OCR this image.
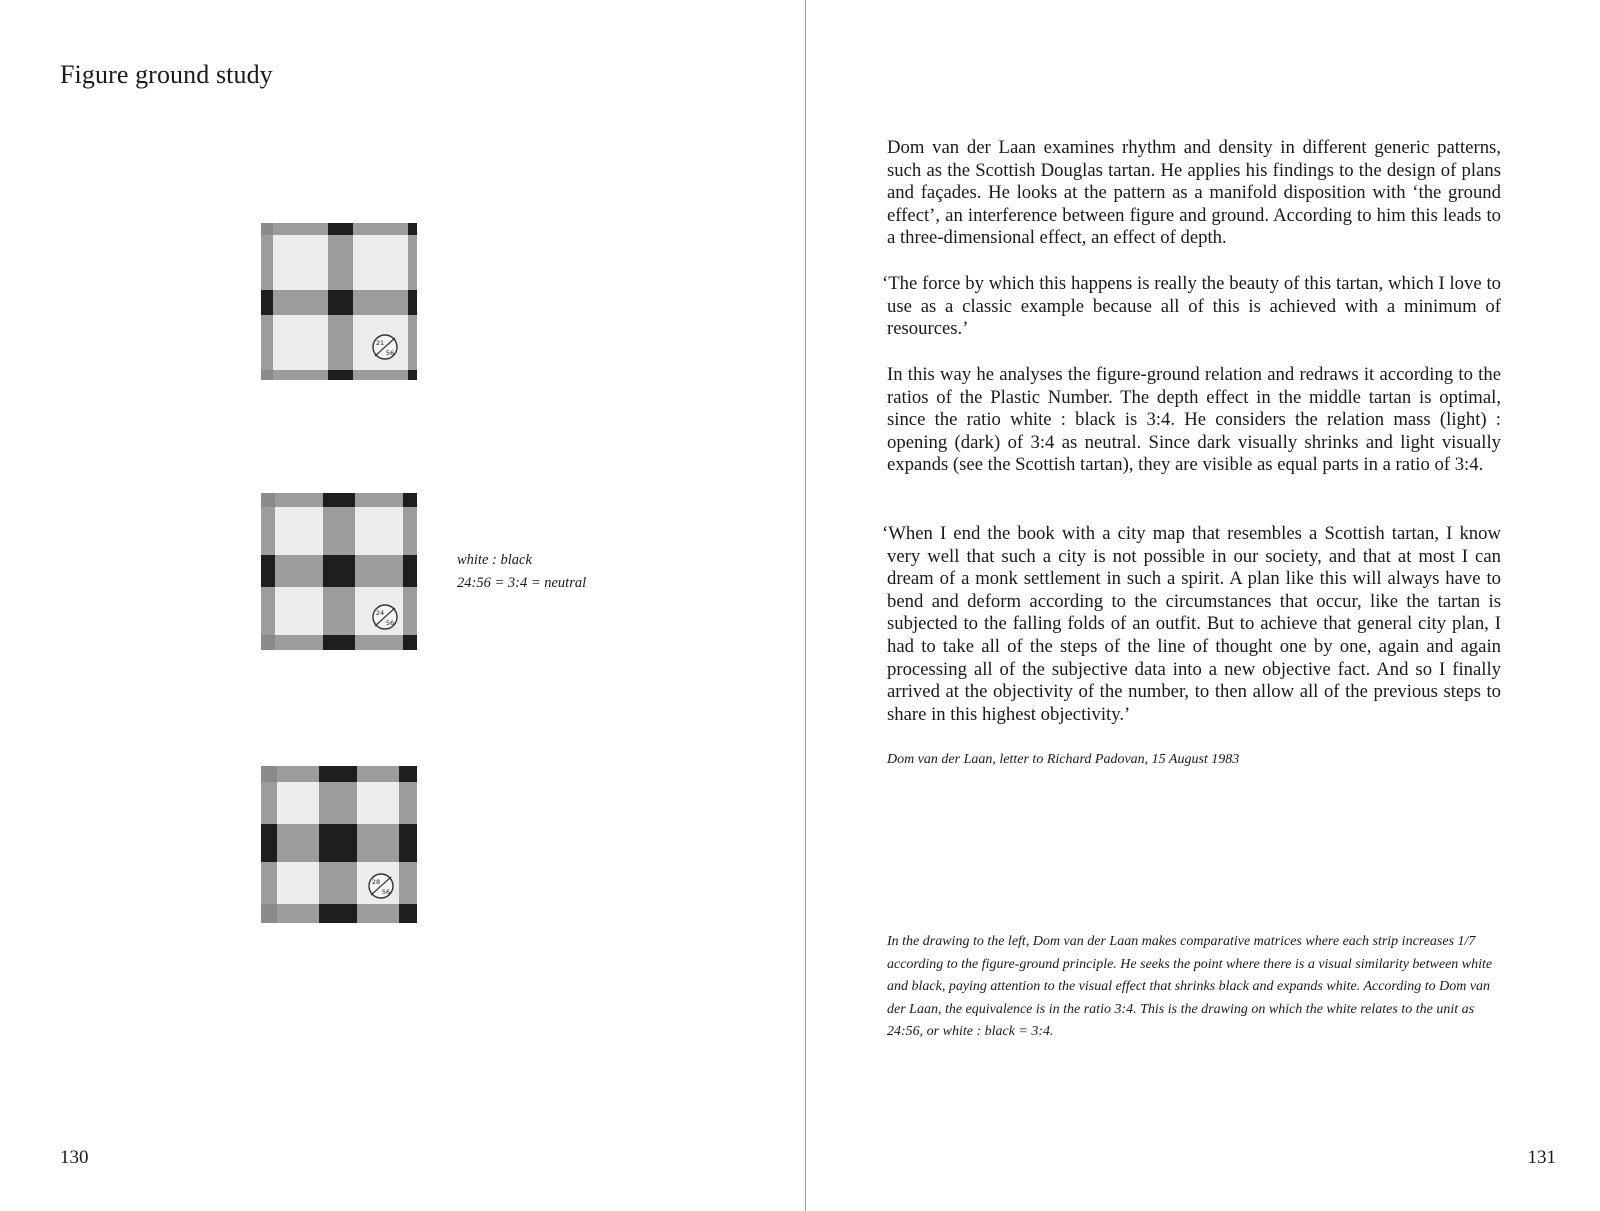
Figure ground study
21
56
24
56
28
56
white : black
24:56 = 3:4 = neutral
130

Dom van der Laan examines rhythm and density in different generic patterns, such as the Scottish Douglas tartan. He applies his findings to the design of plans and façades. He looks at the pattern as a manifold disposition with ‘the ground effect’, an interference between figure and ground. According to him this leads to a three-dimensional effect, an effect of depth.

‘The force by which this happens is really the beauty of this tartan, which I love to use as a classic example because all of this is achieved with a minimum of resources.’

In this way he analyses the figure-ground relation and redraws it according to the ratios of the Plastic Number. The depth effect in the middle tartan is optimal, since the ratio white : black is 3:4. He considers the relation mass (light) : opening (dark) of 3:4 as neutral. Since dark visually shrinks and light visually expands (see the Scottish tartan), they are visible as equal parts in a ratio of 3:4.

‘When I end the book with a city map that resembles a Scottish tartan, I know very well that such a city is not possible in our society, and that at most I can dream of a monk settlement in such a spirit. A plan like this will always have to bend and deform according to the circumstances that occur, like the tartan is subjected to the falling folds of an outfit. But to achieve that general city plan, I had to take all of the steps of the line of thought one by one, again and again processing all of the subjective data into a new objective fact. And so I finally arrived at the objectivity of the number, to then allow all of the previous steps to share in this highest objectivity.’

Dom van der Laan, letter to Richard Padovan, 15 August 1983

In the drawing to the left, Dom van der Laan makes comparative matrices where each strip increases 1/7 according to the figure-ground principle. He seeks the point where there is a visual similarity between white and black, paying attention to the visual effect that shrinks black and expands white. According to Dom van der Laan, the equivalence is in the ratio 3:4. This is the drawing on which the white relates to the unit as 24:56, or white : black = 3:4.

131
